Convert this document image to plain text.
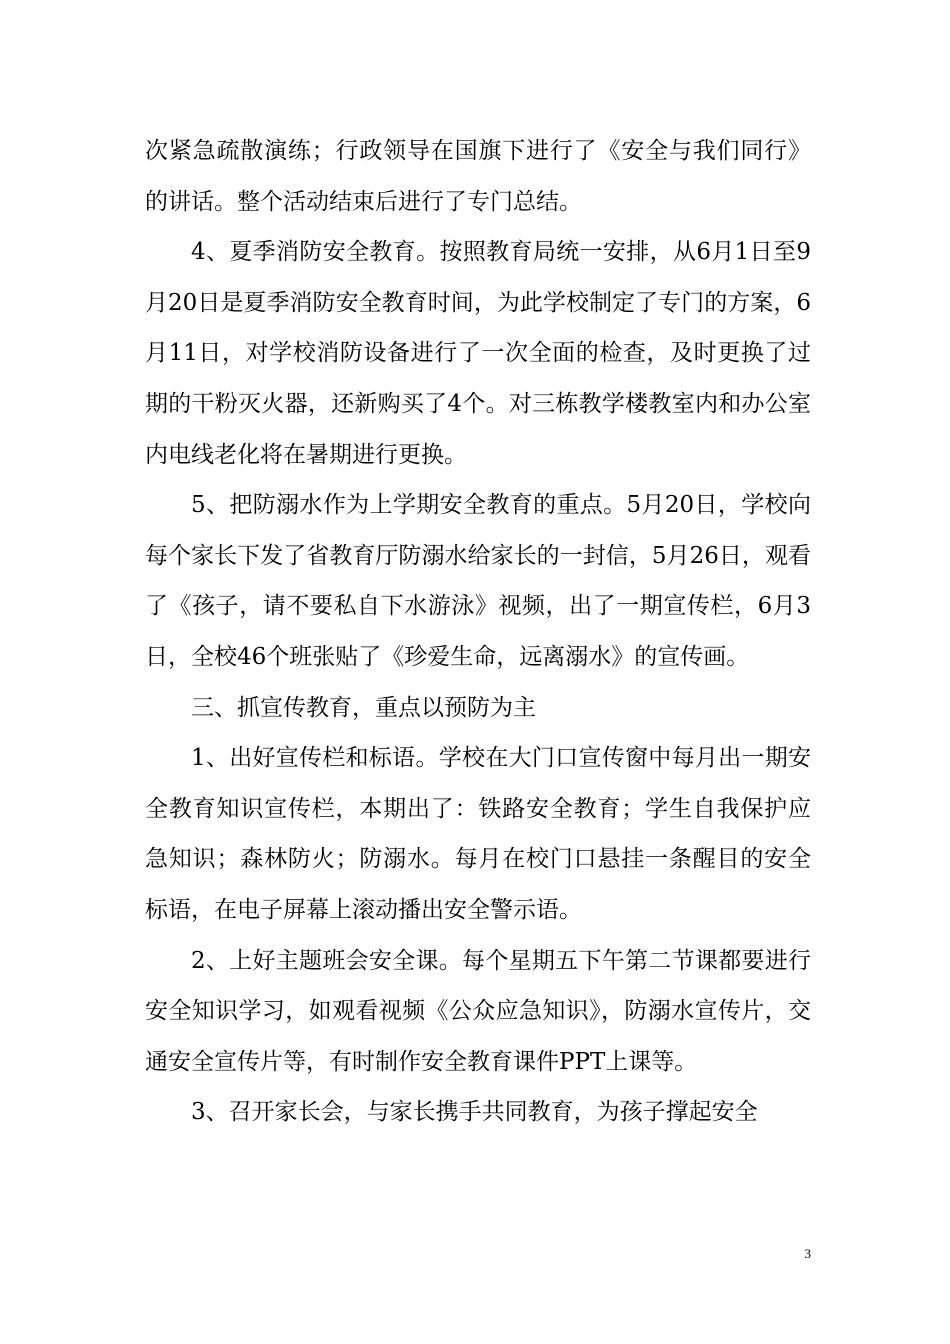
次紧急疏散演练；行政领导在国旗下进行了《安全与我们同行》的讲话。整个活动结束后进行了专门总结。

4、夏季消防安全教育。按照教育局统一安排，从6月1日至9月20日是夏季消防安全教育时间，为此学校制定了专门的方案，6月11日，对学校消防设备进行了一次全面的检查，及时更换了过期的干粉灭火器，还新购买了4个。对三栋教学楼教室内和办公室内电线老化将在暑期进行更换。

5、把防溺水作为上学期安全教育的重点。5月20日，学校向每个家长下发了省教育厅防溺水给家长的一封信，5月26日，观看了《孩子，请不要私自下水游泳》视频，出了一期宣传栏，6月3日，全校46个班张贴了《珍爱生命，远离溺水》的宣传画。

三、抓宣传教育，重点以预防为主

1、出好宣传栏和标语。学校在大门口宣传窗中每月出一期安全教育知识宣传栏，本期出了：铁路安全教育；学生自我保护应急知识；森林防火；防溺水。每月在校门口悬挂一条醒目的安全标语，在电子屏幕上滚动播出安全警示语。

2、上好主题班会安全课。每个星期五下午第二节课都要进行安全知识学习，如观看视频《公众应急知识》，防溺水宣传片，交通安全宣传片等，有时制作安全教育课件PPT上课等。

3、召开家长会，与家长携手共同教育，为孩子撑起安全

3
